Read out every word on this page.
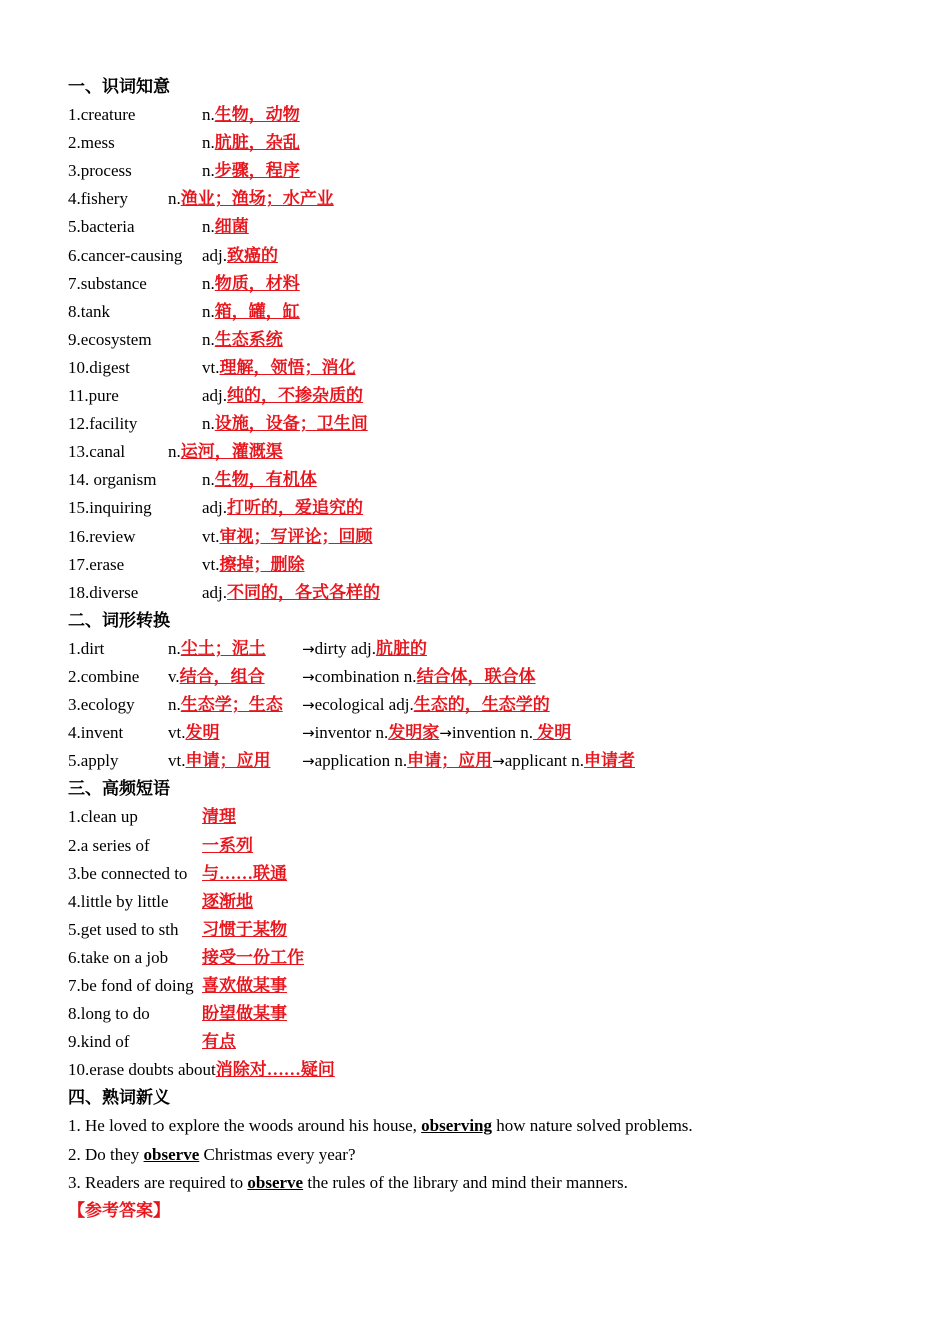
一、识词知意
1.creature	n.生物，动物
2.mess	n.肮脏，杂乱
3.process	n.步骤，程序
4.fishery n.渔业；渔场；水产业
5.bacteria	n.细菌
6.cancer-causing adj.致癌的
7.substance	n.物质，材料
8.tank	n.箱，罐，缸
9.ecosystem	n.生态系统
10.digest	vt.理解，领悟；消化
11.pure	adj.纯的，不掺杂质的
12.facility	n.设施，设备；卫生间
13.canal	n.运河，灌溉渠
14. organism	n.生物，有机体
15.inquiring	adj.打听的，爱追究的
16.review	vt.审视；写评论；回顾
17.erase	vt.擦掉；删除
18.diverse	adj.不同的，各式各样的
二、词形转换
1.dirt	n.尘土；泥土 →dirty adj.肮脏的
2.combine v.结合，组合 →combination n.结合体，联合体
3.ecology n.生态学；生态 →ecological adj.生态的，生态学的
4.invent	vt.发明	→inventor n.发明家→invention n. 发明
5.apply	vt.申请；应用 →application n.申请；应用→applicant n.申请者
三、高频短语
1.clean up	清理
2.a series of	一系列
3.be connected to 与……联通
4.little by little 逐渐地
5.get used to sth 习惯于某物
6.take on a job 接受一份工作
7.be fond of doing 喜欢做某事
8.long to do	盼望做某事
9.kind of	有点
10.erase doubts about消除对……疑问
四、熟词新义
1. He loved to explore the woods around his house, observing how nature solved problems.
2. Do they observe Christmas every year?
3. Readers are required to observe the rules of the library and mind their manners.
【参考答案】
